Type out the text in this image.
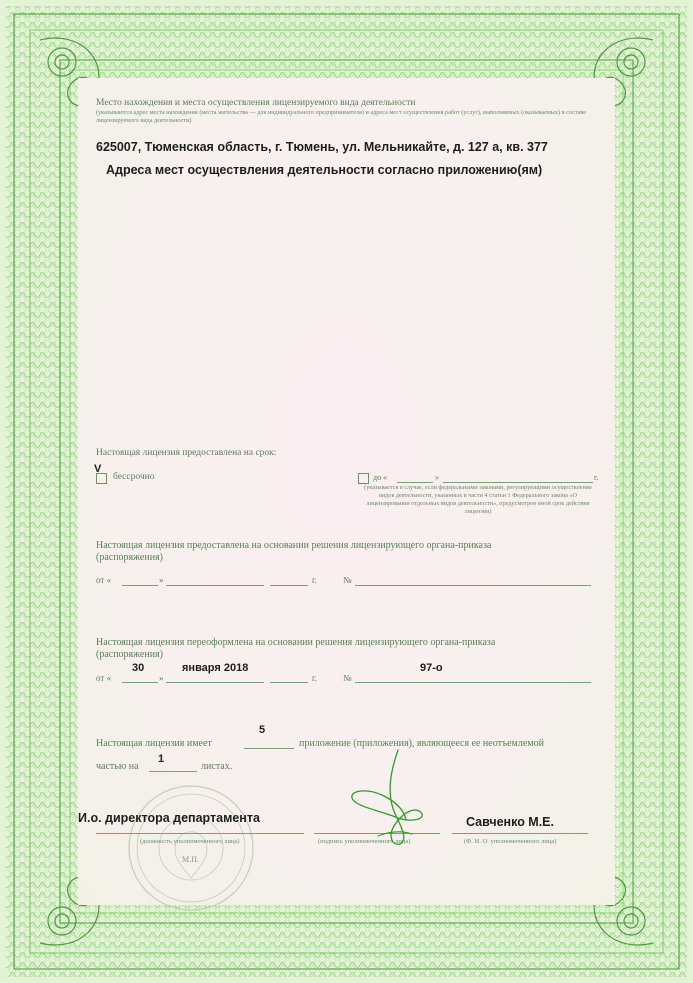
Место нахождения и места осуществления лицензируемого вида деятельности
(указываются адрес места нахождения (места жительства — для индивидуального предпринимателя) и адреса мест осуществления работ (услуг), выполняемых (оказываемых) в составе лицензируемого вида деятельности)
625007, Тюменская область, г. Тюмень, ул. Мельникайте, д. 127 а, кв. 377
Адреса мест осуществления деятельности согласно приложению(ям)
Настоящая лицензия предоставлена на срок:
V
бессрочно	до «	»	г.
(указывается в случае, если федеральными законами, регулирующими осуществление видов деятельности, указанных в части 4 статьи 1 Федерального закона «О лицензировании отдельных видов деятельности», предусмотрен иной срок действия лицензии)
Настоящая лицензия предоставлена на основании решения лицензирующего органа-приказа
(распоряжения)
от «	»	г.	№
Настоящая лицензия переоформлена на основании решения лицензирующего органа-приказа
(распоряжения)
30	января 2018	97-о
от «	»	г.	№
5
Настоящая лицензия имеет	приложение (приложения), являющееся ее неотъемлемой
1
частью на	листах.
И.о. директора департамента	Савченко М.Е.
(должность уполномоченного лица)	(подпись уполномоченного лица)	(Ф. И. О. уполномоченного лица)
М.П.
